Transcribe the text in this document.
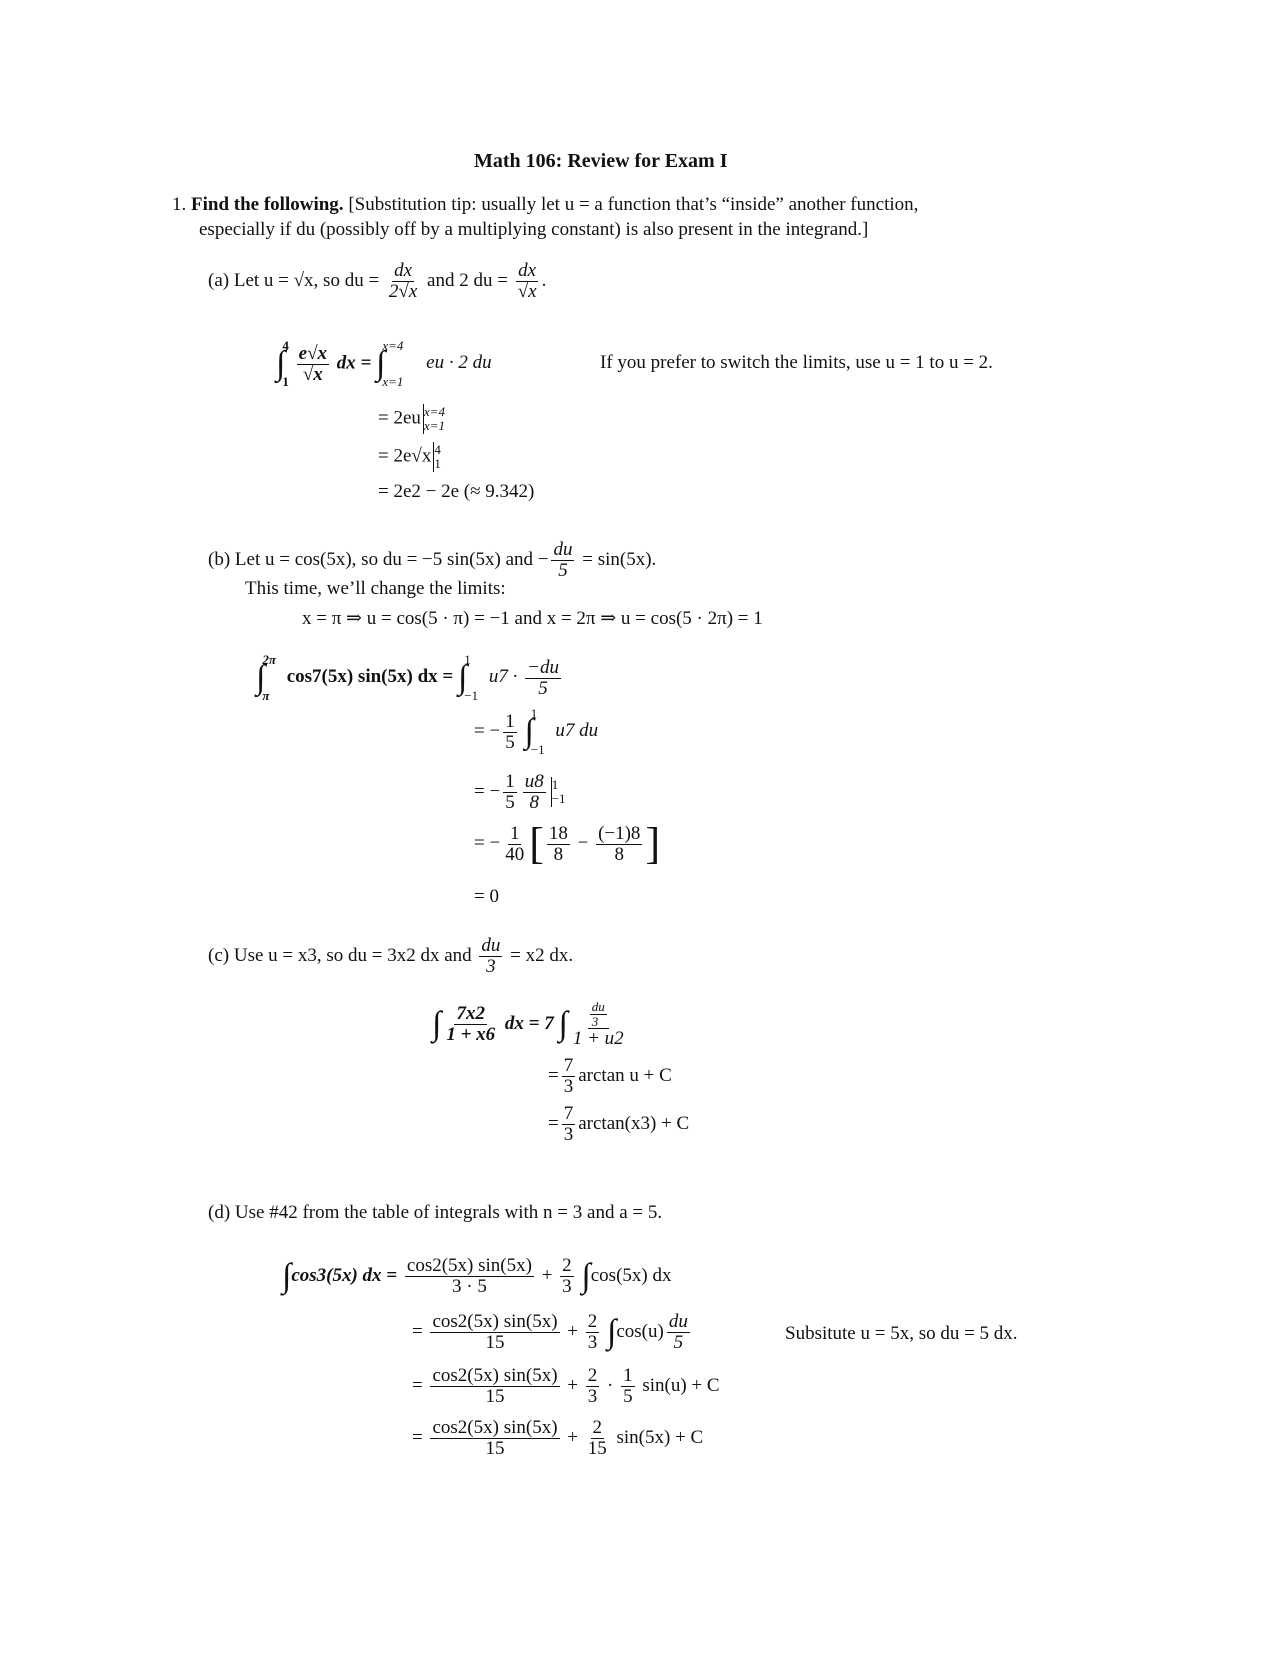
Math 106: Review for Exam I
1. Find the following. [Substitution tip: usually let u = a function that’s “inside” another function,
especially if du (possibly off by a multiplying constant) is also present in the integrand.]
(a) Let u = √x, so du = $\frac{dx}{2√x}$ and 2 du = $\frac{dx}{√x}$ .
∫
4
1
$\frac{e√x}{√x}$ dx = ∫
x=4
x=1
eu · 2 du	If you prefer to switch the limits, use u = 1 to u = 2.
= 2eu x=4
x=1
= 2e√x 4
1
= 2e2 − 2e (≈ 9.342)
(b) Let u = cos(5x), so du = −5 sin(5x) and − $\frac{du}{5} = \sin(5x)$.
This time, we’ll change the limits:
x = π ⇒ u = cos(5 · π) = −1 and x = 2π ⇒ u = cos(5 · 2π) = 1
∫
2π
π
cos7(5x) sin(5x) dx = ∫
1
−1
$u7 \cdot \frac{-du}{5}$
= − $\frac{1}{5}$ ∫
1
−1
u7 du
= − $\frac{1}{5} \frac{u8}{8} 1$
−1
= − $\frac{1}{40}$ [ $\frac{18}{8} - \frac{(-1)8}{8}$ ]
= 0
(c) Use u = x3, so du = 3x2 dx and $\frac{du}{3} = x2$ dx.
∫ $\frac{7x2}{1 + x6}$ dx = 7 ∫ $\frac{\frac{du}{3}}{1 + u2}$
= $\frac{7}{3}$ arctan u + C
= $\frac{7}{3} \arctan(x3) + C$
(d) Use #42 from the table of integrals with n = 3 and a = 5.
∫cos3(5x) dx = $\frac{\cos 2(5x) \sin(5x)}{3 \cdot 5} + \frac{2}{3} \int\cos(5x)$ dx
= $\frac{\cos 2(5x) \sin(5x)}{15} + \frac{2}{3} \int\cos(u) \frac{du}{5}$	Subsitute u = 5x, so du = 5 dx.
= $\frac{\cos 2(5x) \sin(5x)}{15} + \frac{2}{3} \cdot \frac{1}{5} \sin(u) + C$
= $\frac{\cos 2(5x) \sin(5x)}{15} + \frac{2}{15} \sin(5x) + C$
